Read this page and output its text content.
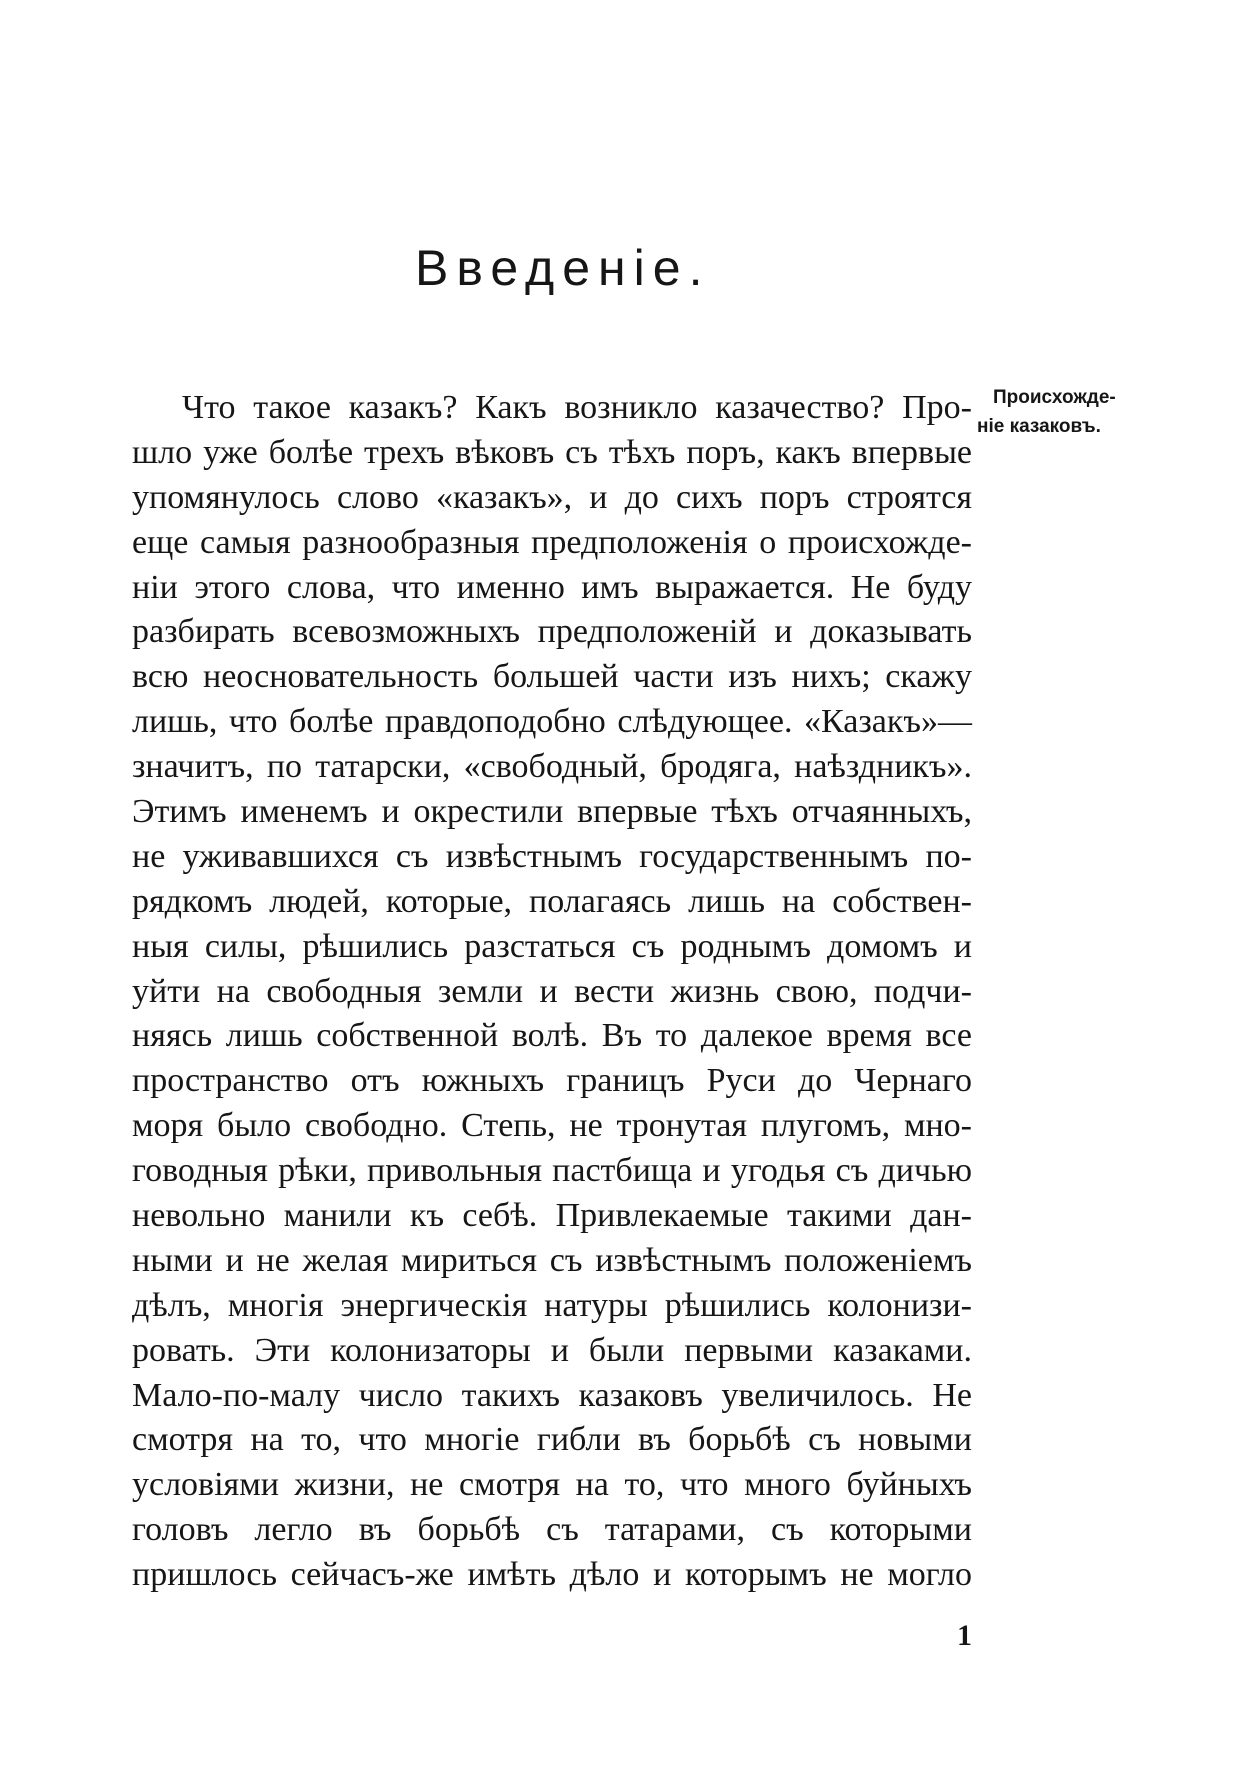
Введеніе.
Происхожде-
ніе казаковъ.
Что такое казакъ? Какъ возникло казачество? Про-
шло уже болѣе трехъ вѣковъ съ тѣхъ поръ, какъ впервые
упомянулось слово «казакъ», и до сихъ поръ строятся
еще самыя разнообразныя предположенія о происхожде-
ніи этого слова, что именно имъ выражается. Не буду
разбирать всевозможныхъ предположеній и доказывать
всю неосновательность большей части изъ нихъ; скажу
лишь, что болѣе правдоподобно слѣдующее. «Казакъ»—
значитъ, по татарски, «свободный, бродяга, наѣздникъ».
Этимъ именемъ и окрестили впервые тѣхъ отчаянныхъ,
не уживавшихся съ извѣстнымъ государственнымъ по-
рядкомъ людей, которые, полагаясь лишь на собствен-
ныя силы, рѣшились разстаться съ роднымъ домомъ и
уйти на свободныя земли и вести жизнь свою, подчи-
няясь лишь собственной волѣ. Въ то далекое время все
пространство отъ южныхъ границъ Руси до Чернаго
моря было свободно. Степь, не тронутая плугомъ, мно-
говодныя рѣки, привольныя пастбища и угодья съ дичью
невольно манили къ себѣ. Привлекаемые такими дан-
ными и не желая мириться съ извѣстнымъ положеніемъ
дѣлъ, многія энергическія натуры рѣшились колонизи-
ровать. Эти колонизаторы и были первыми казаками.
Мало-по-малу число такихъ казаковъ увеличилось. Не
смотря на то, что многіе гибли въ борьбѣ съ новыми
условіями жизни, не смотря на то, что много буйныхъ
головъ легло въ борьбѣ съ татарами, съ которыми
пришлось сейчасъ-же имѣть дѣло и которымъ не могло
1
